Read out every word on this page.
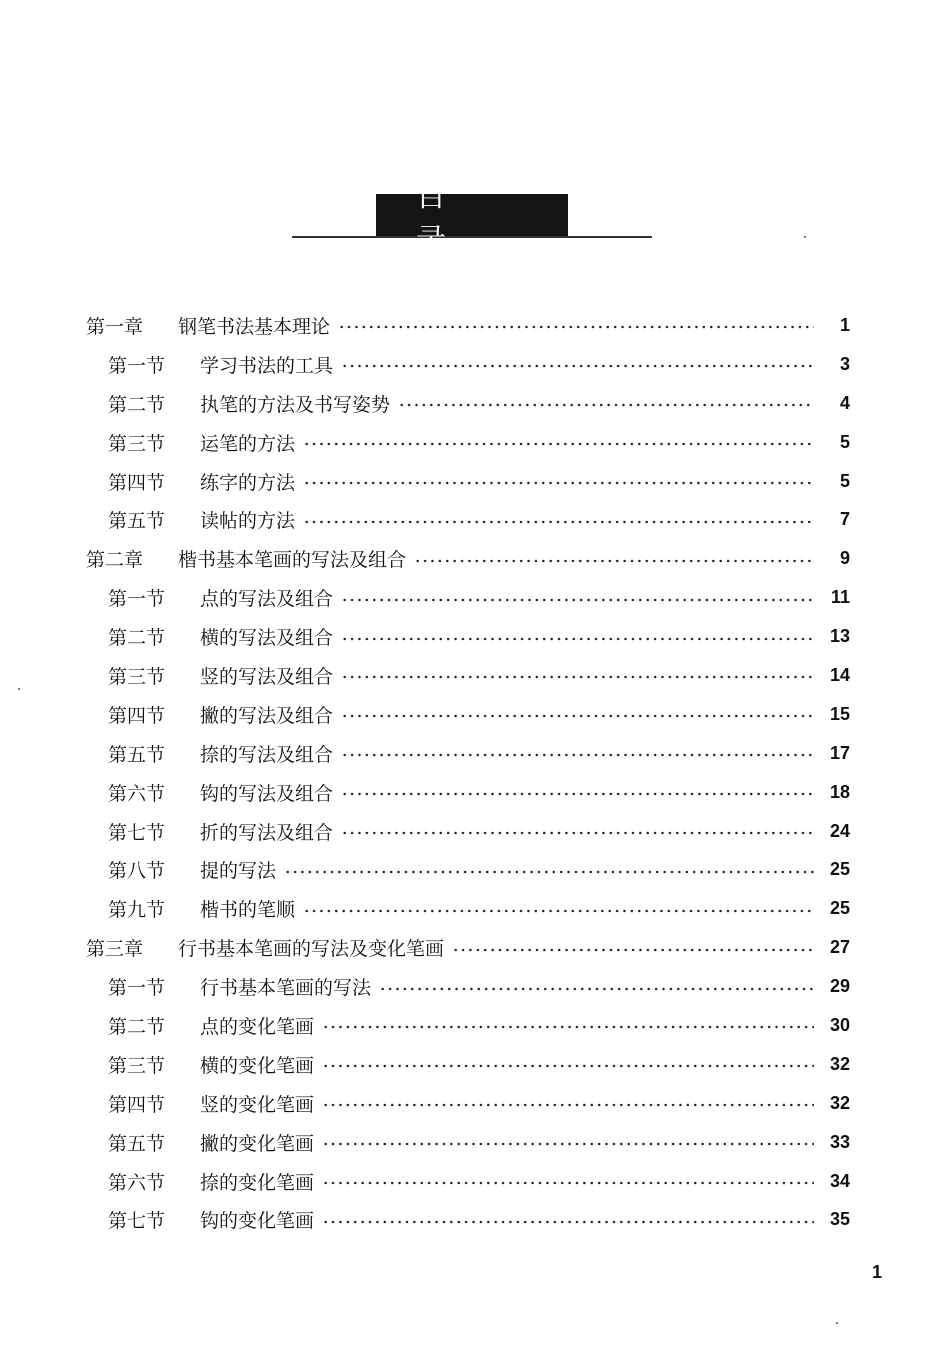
目 录
第一章	钢笔书法基本理论	1
第一节	学习书法的工具	3
第二节	执笔的方法及书写姿势	4
第三节	运笔的方法	5
第四节	练字的方法	5
第五节	读帖的方法	7
第二章	楷书基本笔画的写法及组合	9
第一节	点的写法及组合	11
第二节	横的写法及组合	13
第三节	竖的写法及组合	14
第四节	撇的写法及组合	15
第五节	捺的写法及组合	17
第六节	钩的写法及组合	18
第七节	折的写法及组合	24
第八节	提的写法	25
第九节	楷书的笔顺	25
第三章	行书基本笔画的写法及变化笔画	27
第一节	行书基本笔画的写法	29
第二节	点的变化笔画	30
第三节	横的变化笔画	32
第四节	竖的变化笔画	32
第五节	撇的变化笔画	33
第六节	捺的变化笔画	34
第七节	钩的变化笔画	35
1
